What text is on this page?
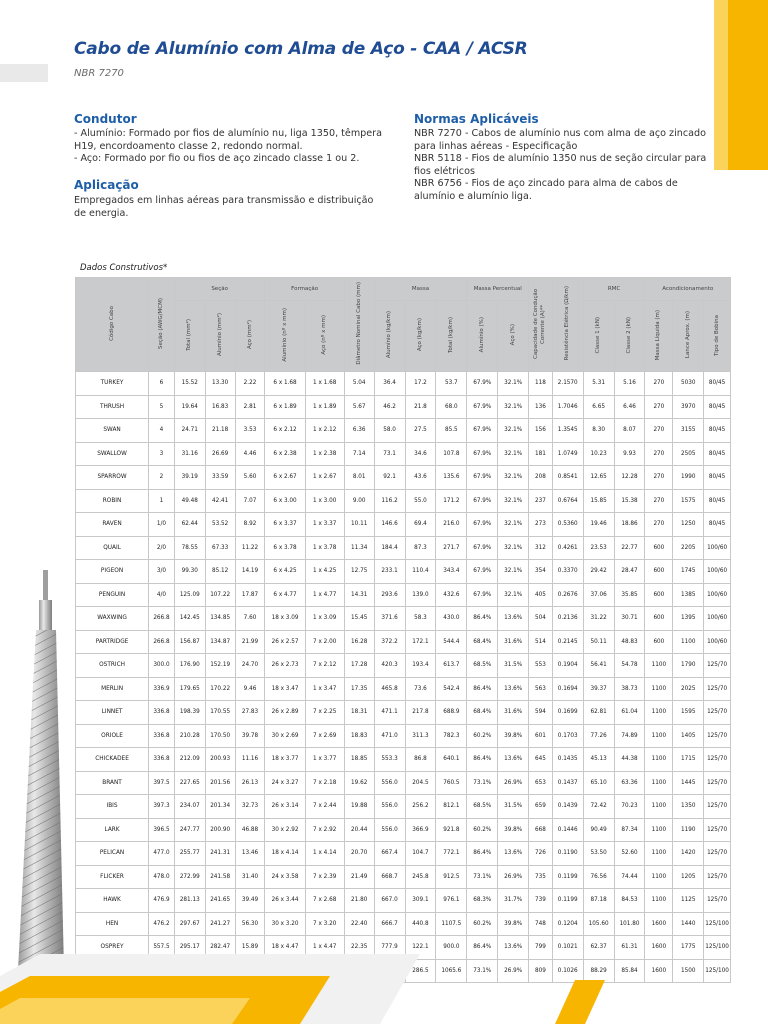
Cabo de Alumínio com Alma de Aço - CAA / ACSR

NBR 7270

Condutor
- Alumínio: Formado por fios de alumínio nu, liga 1350, têmpera
H19, encordoamento classe 2, redondo normal.
- Aço: Formado por fio ou fios de aço zincado classe 1 ou 2.
Aplicação
Empregados em linhas aéreas para transmissão e distribuição
de energia.
Normas Aplicáveis
NBR 7270 - Cabos de alumínio nus com alma de aço zincado
para linhas aéreas - Especificação
NBR 5118 - Fios de alumínio 1350 nus de seção circular para
fios elétricos
NBR 6756 - Fios de aço zincado para alma de cabos de
alumínio e alumínio liga.
Dados Construtivos*
Código Cabo	Seção (AWG/MCM)	Seção			Formação		Diâmetro Nominal Cabo (mm)	Massa			Massa Percentual		Capacidade de Condução Corrente (A)**	Resistência Elétrica (Ω/km)	RMC		Acondicionamento		
		Total (mm²)	Alumínio (mm²)	Aço (mm²)	Alumínio (nº x mm)	Aço (nº x mm)		Alumínio (kg/km)	Aço (kg/km)	Total (kg/km)	Alumínio (%)	Aço (%)			Classe 1 (kN)	Classe 2 (kN)	Massa Líquida (m)	Lance Aprox. (m)	Tipo de Bobina
TURKEY	6	15.52	13.30	2.22	6 x 1.68	1 x 1.68	5.04	36.4	17.2	53.7	67.9%	32.1%	118	2.1570	5.31	5.16	270	5030	80/45
THRUSH	5	19.64	16.83	2.81	6 x 1.89	1 x 1.89	5.67	46.2	21.8	68.0	67.9%	32.1%	136	1.7046	6.65	6.46	270	3970	80/45
SWAN	4	24.71	21.18	3.53	6 x 2.12	1 x 2.12	6.36	58.0	27.5	85.5	67.9%	32.1%	156	1.3545	8.30	8.07	270	3155	80/45
SWALLOW	3	31.16	26.69	4.46	6 x 2.38	1 x 2.38	7.14	73.1	34.6	107.8	67.9%	32.1%	181	1.0749	10.23	9.93	270	2505	80/45
SPARROW	2	39.19	33.59	5.60	6 x 2.67	1 x 2.67	8.01	92.1	43.6	135.6	67.9%	32.1%	208	0.8541	12.65	12.28	270	1990	80/45
ROBIN	1	49.48	42.41	7.07	6 x 3.00	1 x 3.00	9.00	116.2	55.0	171.2	67.9%	32.1%	237	0.6764	15.85	15.38	270	1575	80/45
RAVEN	1/0	62.44	53.52	8.92	6 x 3.37	1 x 3.37	10.11	146.6	69.4	216.0	67.9%	32.1%	273	0.5360	19.46	18.86	270	1250	80/45
QUAIL	2/0	78.55	67.33	11.22	6 x 3.78	1 x 3.78	11.34	184.4	87.3	271.7	67.9%	32.1%	312	0.4261	23.53	22.77	600	2205	100/60
PIGEON	3/0	99.30	85.12	14.19	6 x 4.25	1 x 4.25	12.75	233.1	110.4	343.4	67.9%	32.1%	354	0.3370	29.42	28.47	600	1745	100/60
PENGUIN	4/0	125.09	107.22	17.87	6 x 4.77	1 x 4.77	14.31	293.6	139.0	432.6	67.9%	32.1%	405	0.2676	37.06	35.85	600	1385	100/60
WAXWING	266.8	142.45	134.85	7.60	18 x 3.09	1 x 3.09	15.45	371.6	58.3	430.0	86.4%	13.6%	504	0.2136	31.22	30.71	600	1395	100/60
PARTRIDGE	266.8	156.87	134.87	21.99	26 x 2.57	7 x 2.00	16.28	372.2	172.1	544.4	68.4%	31.6%	514	0.2145	50.11	48.83	600	1100	100/60
OSTRICH	300.0	176.90	152.19	24.70	26 x 2.73	7 x 2.12	17.28	420.3	193.4	613.7	68.5%	31.5%	553	0.1904	56.41	54.78	1100	1790	125/70
MERLIN	336.9	179.65	170.22	9.46	18 x 3.47	1 x 3.47	17.35	465.8	73.6	542.4	86.4%	13.6%	563	0.1694	39.37	38.73	1100	2025	125/70
LINNET	336.8	198.39	170.55	27.83	26 x 2.89	7 x 2.25	18.31	471.1	217.8	688.9	68.4%	31.6%	594	0.1699	62.81	61.04	1100	1595	125/70
ORIOLE	336.8	210.28	170.50	39.78	30 x 2.69	7 x 2.69	18.83	471.0	311.3	782.3	60.2%	39.8%	601	0.1703	77.26	74.89	1100	1405	125/70
CHICKADEE	336.8	212.09	200.93	11.16	18 x 3.77	1 x 3.77	18.85	553.3	86.8	640.1	86.4%	13.6%	645	0.1435	45.13	44.38	1100	1715	125/70
BRANT	397.5	227.65	201.56	26.13	24 x 3.27	7 x 2.18	19.62	556.0	204.5	760.5	73.1%	26.9%	653	0.1437	65.10	63.36	1100	1445	125/70
IBIS	397.3	234.07	201.34	32.73	26 x 3.14	7 x 2.44	19.88	556.0	256.2	812.1	68.5%	31.5%	659	0.1439	72.42	70.23	1100	1350	125/70
LARK	396.5	247.77	200.90	46.88	30 x 2.92	7 x 2.92	20.44	556.0	366.9	921.8	60.2%	39.8%	668	0.1446	90.49	87.34	1100	1190	125/70
PELICAN	477.0	255.77	241.31	13.46	18 x 4.14	1 x 4.14	20.70	667.4	104.7	772.1	86.4%	13.6%	726	0.1190	53.50	52.60	1100	1420	125/70
FLICKER	478.0	272.99	241.58	31.40	24 x 3.58	7 x 2.39	21.49	668.7	245.8	912.5	73.1%	26.9%	735	0.1199	76.56	74.44	1100	1205	125/70
HAWK	476.9	281.13	241.65	39.49	26 x 3.44	7 x 2.68	21.80	667.0	309.1	976.1	68.3%	31.7%	739	0.1199	87.18	84.53	1100	1125	125/70
HEN	476.2	297.67	241.27	56.30	30 x 3.20	7 x 3.20	22.40	666.7	440.8	1107.5	60.2%	39.8%	748	0.1204	105.60	101.80	1600	1440	125/100
OSPREY	557.5	295.17	282.47	15.89	18 x 4.47	1 x 4.47	22.35	777.9	122.1	900.0	86.4%	13.6%	799	0.1021	62.37	61.31	1600	1775	125/100
									286.5	1065.6	73.1%	26.9%	809	0.1026	88.29	85.84	1600	1500	125/100
